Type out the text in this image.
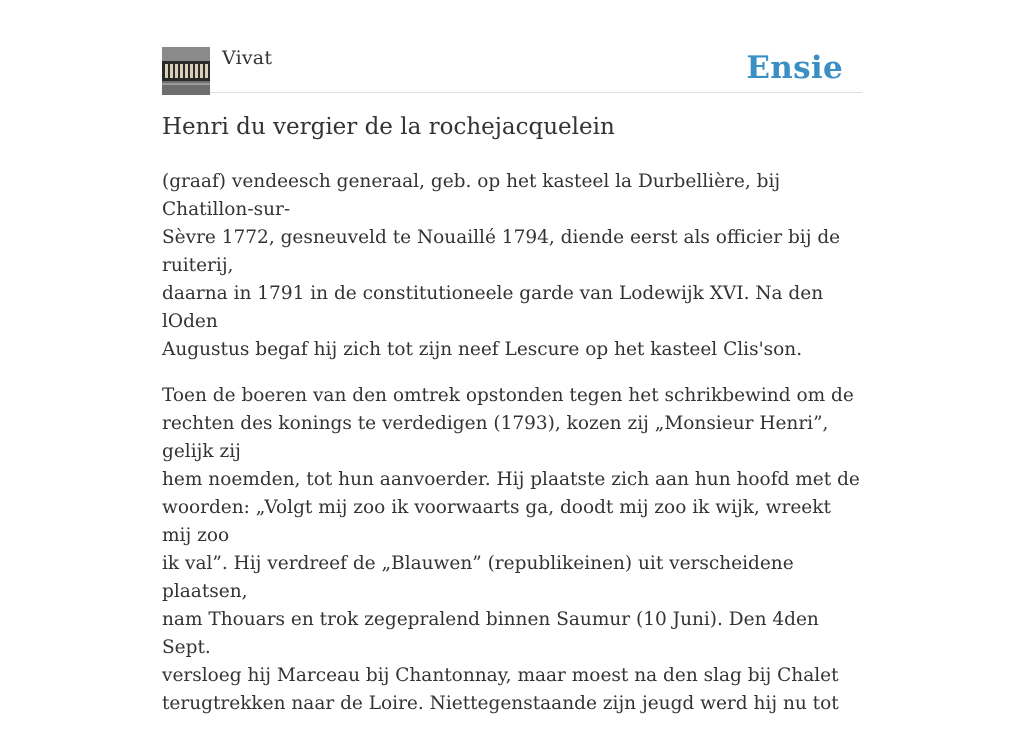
Vivat	Ensie
Henri du vergier de la rochejacquelein

(graaf) vendeesch generaal, geb. op het kasteel la Durbellière, bij Chatillon-sur-
Sèvre 1772, gesneuveld te Nouaillé 1794, diende eerst als officier bij de ruiterij,
daarna in 1791 in de constitutioneele garde van Lodewijk XVI. Na den lOden
Augustus begaf hij zich tot zijn neef Lescure op het kasteel Clis'son.

Toen de boeren van den omtrek opstonden tegen het schrikbewind om de
rechten des konings te verdedigen (1793), kozen zij „Monsieur Henri”, gelijk zij
hem noemden, tot hun aanvoerder. Hij plaatste zich aan hun hoofd met de
woorden: „Volgt mij zoo ik voorwaarts ga, doodt mij zoo ik wijk, wreekt mij zoo
ik val”. Hij verdreef de „Blauwen” (republikeinen) uit verscheidene plaatsen,
nam Thouars en trok zegepralend binnen Saumur (10 Juni). Den 4den Sept.
versloeg hij Marceau bij Chantonnay, maar moest na den slag bij Chalet
terugtrekken naar de Loire. Niettegenstaande zijn jeugd werd hij nu tot
